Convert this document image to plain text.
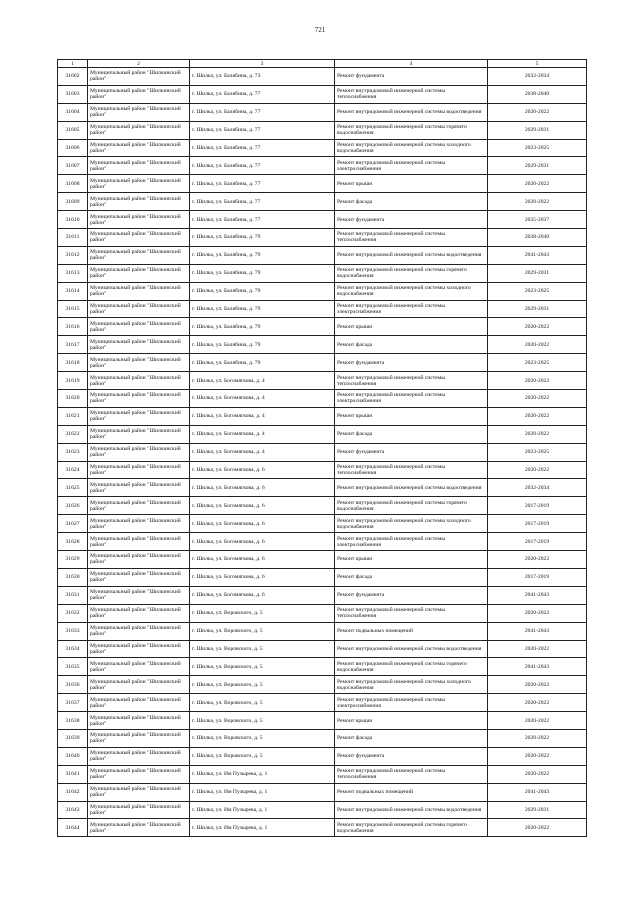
721
1	2	3	4	5
31602	Муниципальный район "Шилкинский район"	г. Шилка, ул. Балябина, д. 73	Ремонт фундамента	2032-2034
31603	Муниципальный район "Шилкинский район"	г. Шилка, ул. Балябина, д. 77	Ремонт внутридомовой инженерной системы теплоснабжения	2038-2040
31604	Муниципальный район "Шилкинский район"	г. Шилка, ул. Балябина, д. 77	Ремонт внутридомовой инженерной системы водоотведения	2020-2022
31605	Муниципальный район "Шилкинский район"	г. Шилка, ул. Балябина, д. 77	Ремонт внутридомовой инженерной системы горячего водоснабжения	2029-2031
31606	Муниципальный район "Шилкинский район"	г. Шилка, ул. Балябина, д. 77	Ремонт внутридомовой инженерной системы холодного водоснабжения	2023-2025
31607	Муниципальный район "Шилкинский район"	г. Шилка, ул. Балябина, д. 77	Ремонт внутридомовой инженерной системы электроснабжения	2029-2031
31608	Муниципальный район "Шилкинский район"	г. Шилка, ул. Балябина, д. 77	Ремонт крыши	2020-2022
31609	Муниципальный район "Шилкинский район"	г. Шилка, ул. Балябина, д. 77	Ремонт фасада	2020-2022
31610	Муниципальный район "Шилкинский район"	г. Шилка, ул. Балябина, д. 77	Ремонт фундамента	2035-2037
31611	Муниципальный район "Шилкинский район"	г. Шилка, ул. Балябина, д. 79	Ремонт внутридомовой инженерной системы теплоснабжения	2038-2040
31612	Муниципальный район "Шилкинский район"	г. Шилка, ул. Балябина, д. 79	Ремонт внутридомовой инженерной системы водоотведения	2041-2043
31613	Муниципальный район "Шилкинский район"	г. Шилка, ул. Балябина, д. 79	Ремонт внутридомовой инженерной системы горячего водоснабжения	2029-2031
31614	Муниципальный район "Шилкинский район"	г. Шилка, ул. Балябина, д. 79	Ремонт внутридомовой инженерной системы холодного водоснабжения	2023-2025
31615	Муниципальный район "Шилкинский район"	г. Шилка, ул. Балябина, д. 79	Ремонт внутридомовой инженерной системы электроснабжения	2029-2031
31616	Муниципальный район "Шилкинский район"	г. Шилка, ул. Балябина, д. 79	Ремонт крыши	2020-2022
31617	Муниципальный район "Шилкинский район"	г. Шилка, ул. Балябина, д. 79	Ремонт фасада	2020-2022
31618	Муниципальный район "Шилкинский район"	г. Шилка, ул. Балябина, д. 79	Ремонт фундамента	2023-2025
31619	Муниципальный район "Шилкинский район"	г. Шилка, ул. Богомягкова, д. 4	Ремонт внутридомовой инженерной системы теплоснабжения	2020-2022
31620	Муниципальный район "Шилкинский район"	г. Шилка, ул. Богомягкова, д. 4	Ремонт внутридомовой инженерной системы электроснабжения	2020-2022
31621	Муниципальный район "Шилкинский район"	г. Шилка, ул. Богомягкова, д. 4	Ремонт крыши	2020-2022
31622	Муниципальный район "Шилкинский район"	г. Шилка, ул. Богомягкова, д. 4	Ремонт фасада	2020-2022
31623	Муниципальный район "Шилкинский район"	г. Шилка, ул. Богомягкова, д. 4	Ремонт фундамента	2023-2025
31624	Муниципальный район "Шилкинский район"	г. Шилка, ул. Богомягкова, д. 6	Ремонт внутридомовой инженерной системы теплоснабжения	2020-2022
31625	Муниципальный район "Шилкинский район"	г. Шилка, ул. Богомягкова, д. 6	Ремонт внутридомовой инженерной системы водоотведения	2032-2034
31626	Муниципальный район "Шилкинский район"	г. Шилка, ул. Богомягкова, д. 6	Ремонт внутридомовой инженерной системы горячего водоснабжения	2017-2019
31627	Муниципальный район "Шилкинский район"	г. Шилка, ул. Богомягкова, д. 6	Ремонт внутридомовой инженерной системы холодного водоснабжения	2017-2019
31628	Муниципальный район "Шилкинский район"	г. Шилка, ул. Богомягкова, д. 6	Ремонт внутридомовой инженерной системы электроснабжения	2017-2019
31629	Муниципальный район "Шилкинский район"	г. Шилка, ул. Богомягкова, д. 6	Ремонт крыши	2020-2022
31630	Муниципальный район "Шилкинский район"	г. Шилка, ул. Богомягкова, д. 6	Ремонт фасада	2017-2019
31631	Муниципальный район "Шилкинский район"	г. Шилка, ул. Богомягкова, д. 6	Ремонт фундамента	2041-2043
31632	Муниципальный район "Шилкинский район"	г. Шилка, ул. Воровского, д. 5	Ремонт внутридомовой инженерной системы теплоснабжения	2020-2022
31633	Муниципальный район "Шилкинский район"	г. Шилка, ул. Воровского, д. 5	Ремонт подвальных помещений	2041-2043
31634	Муниципальный район "Шилкинский район"	г. Шилка, ул. Воровского, д. 5	Ремонт внутридомовой инженерной системы водоотведения	2020-2022
31635	Муниципальный район "Шилкинский район"	г. Шилка, ул. Воровского, д. 5	Ремонт внутридомовой инженерной системы горячего водоснабжения	2041-2043
31636	Муниципальный район "Шилкинский район"	г. Шилка, ул. Воровского, д. 5	Ремонт внутридомовой инженерной системы холодного водоснабжения	2020-2022
31637	Муниципальный район "Шилкинский район"	г. Шилка, ул. Воровского, д. 5	Ремонт внутридомовой инженерной системы электроснабжения	2020-2022
31638	Муниципальный район "Шилкинский район"	г. Шилка, ул. Воровского, д. 5	Ремонт крыши	2020-2022
31639	Муниципальный район "Шилкинский район"	г. Шилка, ул. Воровского, д. 5	Ремонт фасада	2020-2022
31640	Муниципальный район "Шилкинский район"	г. Шилка, ул. Воровского, д. 5	Ремонт фундамента	2020-2022
31641	Муниципальный район "Шилкинский район"	г. Шилка, ул. Им Пузырева, д. 1	Ремонт внутридомовой инженерной системы теплоснабжения	2020-2022
31642	Муниципальный район "Шилкинский район"	г. Шилка, ул. Им Пузырева, д. 1	Ремонт подвальных помещений	2041-2043
31643	Муниципальный район "Шилкинский район"	г. Шилка, ул. Им Пузырева, д. 1	Ремонт внутридомовой инженерной системы водоотведения	2029-2031
31644	Муниципальный район "Шилкинский район"	г. Шилка, ул. Им Пузырева, д. 1	Ремонт внутридомовой инженерной системы горячего водоснабжения	2020-2022
